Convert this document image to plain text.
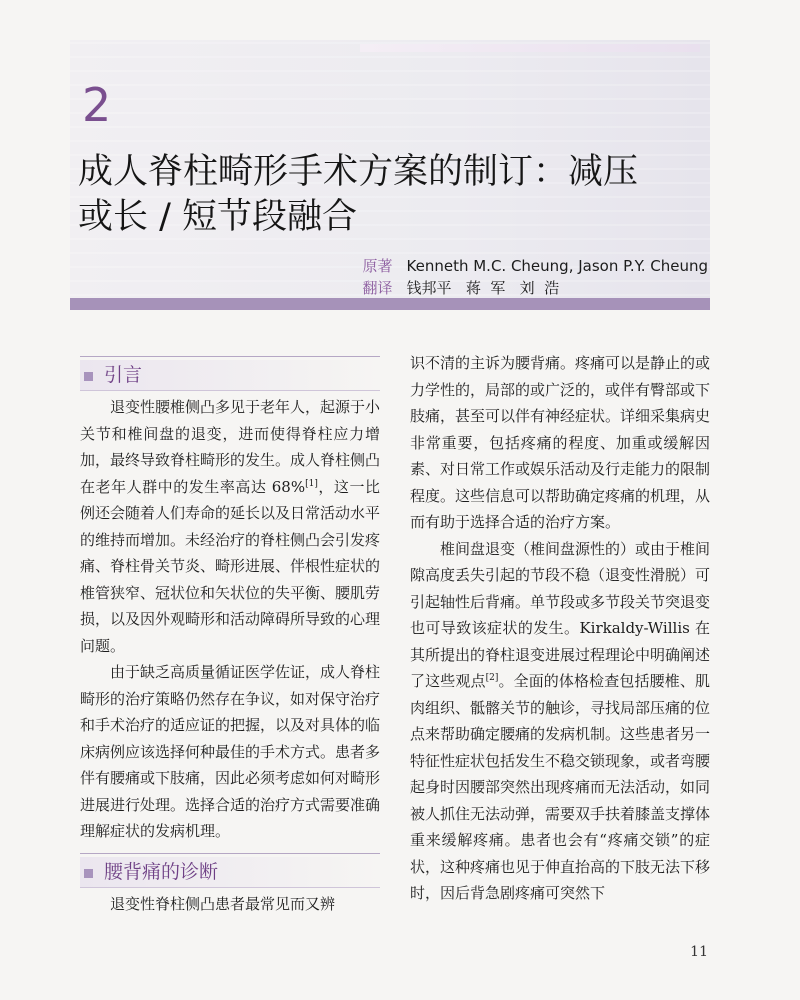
2
成人脊柱畸形手术方案的制订：减压
或长 / 短节段融合
原著 Kenneth M.C. Cheung, Jason P.Y. Cheung
翻译 钱邦平   蒋  军   刘  浩
引言

退变性腰椎侧凸多见于老年人，起源于小关节和椎间盘的退变，进而使得脊柱应力增加，最终导致脊柱畸形的发生。成人脊柱侧凸在老年人群中的发生率高达 68%[1]，这一比例还会随着人们寿命的延长以及日常活动水平的维持而增加。未经治疗的脊柱侧凸会引发疼痛、脊柱骨关节炎、畸形进展、伴根性症状的椎管狭窄、冠状位和矢状位的失平衡、腰肌劳损，以及因外观畸形和活动障碍所导致的心理问题。

由于缺乏高质量循证医学佐证，成人脊柱畸形的治疗策略仍然存在争议，如对保守治疗和手术治疗的适应证的把握，以及对具体的临床病例应该选择何种最佳的手术方式。患者多伴有腰痛或下肢痛，因此必须考虑如何对畸形进展进行处理。选择合适的治疗方式需要准确理解症状的发病机理。

腰背痛的诊断

退变性脊柱侧凸患者最常见而又辨

识不清的主诉为腰背痛。疼痛可以是静止的或力学性的，局部的或广泛的，或伴有臀部或下肢痛，甚至可以伴有神经症状。详细采集病史非常重要，包括疼痛的程度、加重或缓解因素、对日常工作或娱乐活动及行走能力的限制程度。这些信息可以帮助确定疼痛的机理，从而有助于选择合适的治疗方案。

椎间盘退变（椎间盘源性的）或由于椎间隙高度丢失引起的节段不稳（退变性滑脱）可引起轴性后背痛。单节段或多节段关节突退变也可导致该症状的发生。Kirkaldy-Willis 在其所提出的脊柱退变进展过程理论中明确阐述了这些观点[2]。全面的体格检查包括腰椎、肌肉组织、骶髂关节的触诊，寻找局部压痛的位点来帮助确定腰痛的发病机制。这些患者另一特征性症状包括发生不稳交锁现象，或者弯腰起身时因腰部突然出现疼痛而无法活动，如同被人抓住无法动弹，需要双手扶着膝盖支撑体重来缓解疼痛。患者也会有“疼痛交锁”的症状，这种疼痛也见于伸直抬高的下肢无法下移时，因后背急剧疼痛可突然下

11
